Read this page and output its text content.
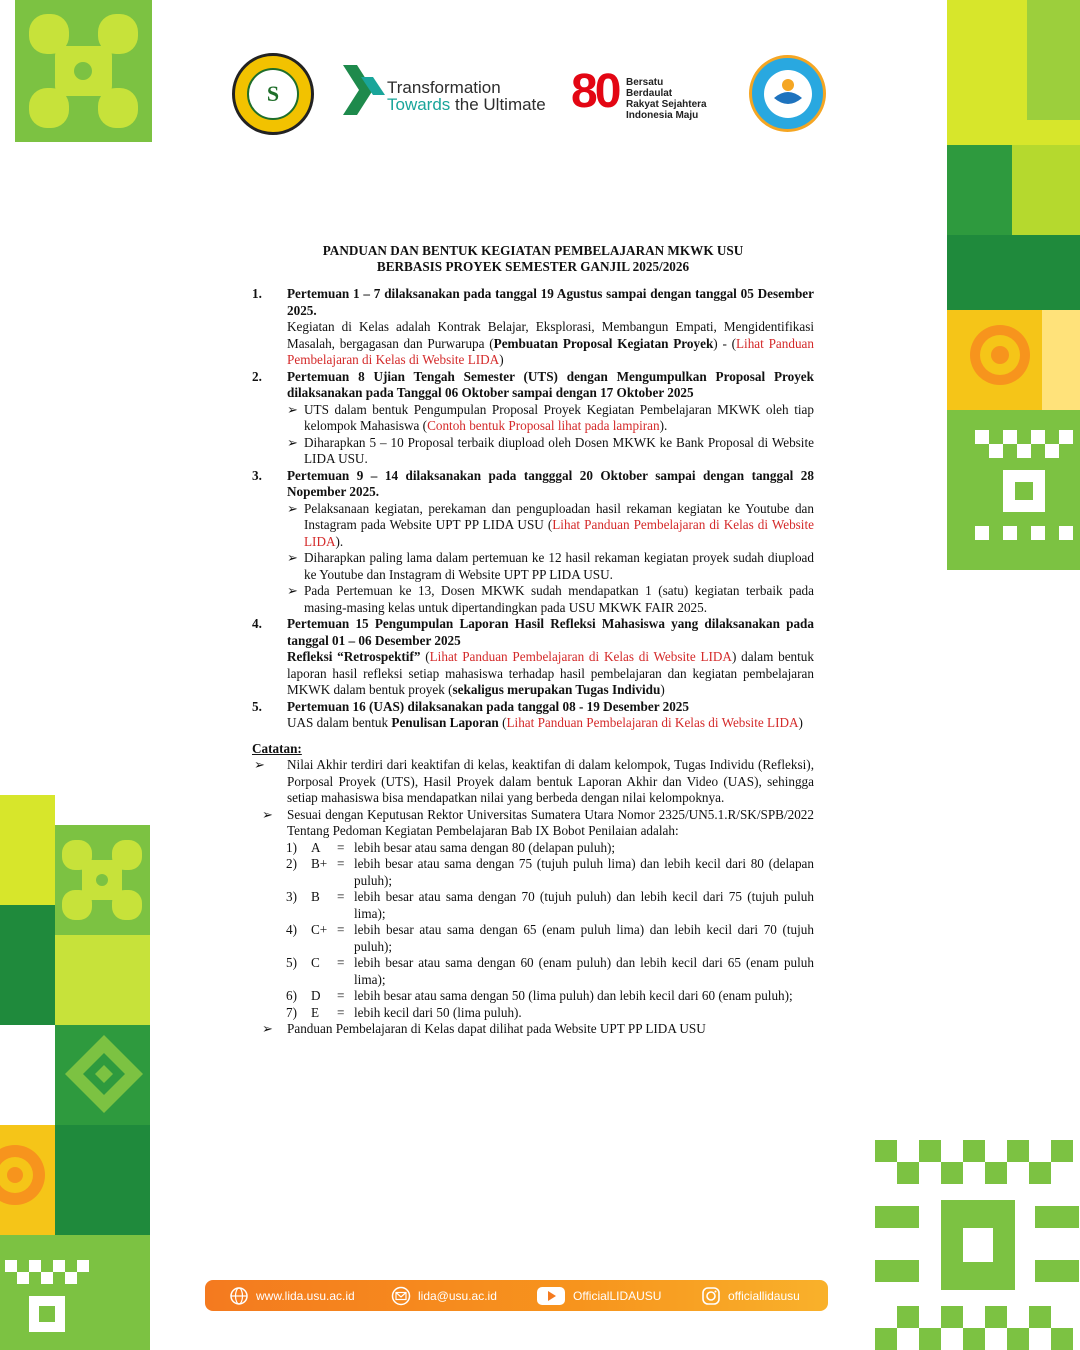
S	Transformation
Towards the Ultimate 80 Bersatu Berdaulat
Rakyat Sejahtera
Indonesia Maju
PANDUAN DAN BENTUK KEGIATAN PEMBELAJARAN MKWK USU
BERBASIS PROYEK SEMESTER GANJIL 2025/2026
1. Pertemuan 1 – 7 dilaksanakan pada tanggal 19 Agustus sampai dengan tanggal 05 Desember 2025.
Kegiatan di Kelas adalah Kontrak Belajar, Eksplorasi, Membangun Empati, Mengidentifikasi Masalah, bergagasan dan Purwarupa (Pembuatan Proposal Kegiatan Proyek) - (Lihat Panduan Pembelajaran di Kelas di Website LIDA)
2. Pertemuan 8 Ujian Tengah Semester (UTS) dengan Mengumpulkan Proposal Proyek dilaksanakan pada Tanggal 06 Oktober sampai dengan 17 Oktober 2025
➢ UTS dalam bentuk Pengumpulan Proposal Proyek Kegiatan Pembelajaran MKWK oleh tiap kelompok Mahasiswa (Contoh bentuk Proposal lihat pada lampiran).
➢ Diharapkan 5 – 10 Proposal terbaik diupload oleh Dosen MKWK ke Bank Proposal di Website LIDA USU.
3. Pertemuan 9 – 14 dilaksanakan pada tangggal 20 Oktober sampai dengan tanggal 28 Nopember 2025.
➢ Pelaksanaan kegiatan, perekaman dan penguploadan hasil rekaman kegiatan ke Youtube dan Instagram pada Website UPT PP LIDA USU (Lihat Panduan Pembelajaran di Kelas di Website LIDA).
➢ Diharapkan paling lama dalam pertemuan ke 12 hasil rekaman kegiatan proyek sudah diupload ke Youtube dan Instagram di Website UPT PP LIDA USU.
➢ Pada Pertemuan ke 13, Dosen MKWK sudah mendapatkan 1 (satu) kegiatan terbaik pada masing-masing kelas untuk dipertandingkan pada USU MKWK FAIR 2025.
4. Pertemuan 15 Pengumpulan Laporan Hasil Refleksi Mahasiswa yang dilaksanakan pada tanggal 01 – 06 Desember 2025
Refleksi “Retrospektif” (Lihat Panduan Pembelajaran di Kelas di Website LIDA) dalam bentuk laporan hasil refleksi setiap mahasiswa terhadap hasil pembelajaran dan kegiatan pembelajaran MKWK dalam bentuk proyek (sekaligus merupakan Tugas Individu)
5. Pertemuan 16 (UAS) dilaksanakan pada tanggal 08 - 19 Desember 2025
UAS dalam bentuk Penulisan Laporan (Lihat Panduan Pembelajaran di Kelas di Website LIDA)
Catatan:
➢ Nilai Akhir terdiri dari keaktifan di kelas, keaktifan di dalam kelompok, Tugas Individu (Refleksi), Porposal Proyek (UTS), Hasil Proyek dalam bentuk Laporan Akhir dan Video (UAS), sehingga setiap mahasiswa bisa mendapatkan nilai yang berbeda dengan nilai kelompoknya.
➢ Sesuai dengan Keputusan Rektor Universitas Sumatera Utara Nomor 2325/UN5.1.R/SK/SPB/2022 Tentang Pedoman Kegiatan Pembelajaran Bab IX Bobot Penilaian adalah:
1) A = lebih besar atau sama dengan 80 (delapan puluh);
2) B+ = lebih besar atau sama dengan 75 (tujuh puluh lima) dan lebih kecil dari 80 (delapan puluh);
3) B = lebih besar atau sama dengan 70 (tujuh puluh) dan lebih kecil dari 75 (tujuh puluh lima);
4) C+ = lebih besar atau sama dengan 65 (enam puluh lima) dan lebih kecil dari 70 (tujuh puluh);
5) C = lebih besar atau sama dengan 60 (enam puluh) dan lebih kecil dari 65 (enam puluh lima);
6) D = lebih besar atau sama dengan 50 (lima puluh) dan lebih kecil dari 60 (enam puluh);
7) E = lebih kecil dari 50 (lima puluh).
➢ Panduan Pembelajaran di Kelas dapat dilihat pada Website UPT PP LIDA USU
www.lida.usu.ac.id	lida@usu.ac.id	OfficialLIDAUSU	officiallidausu
